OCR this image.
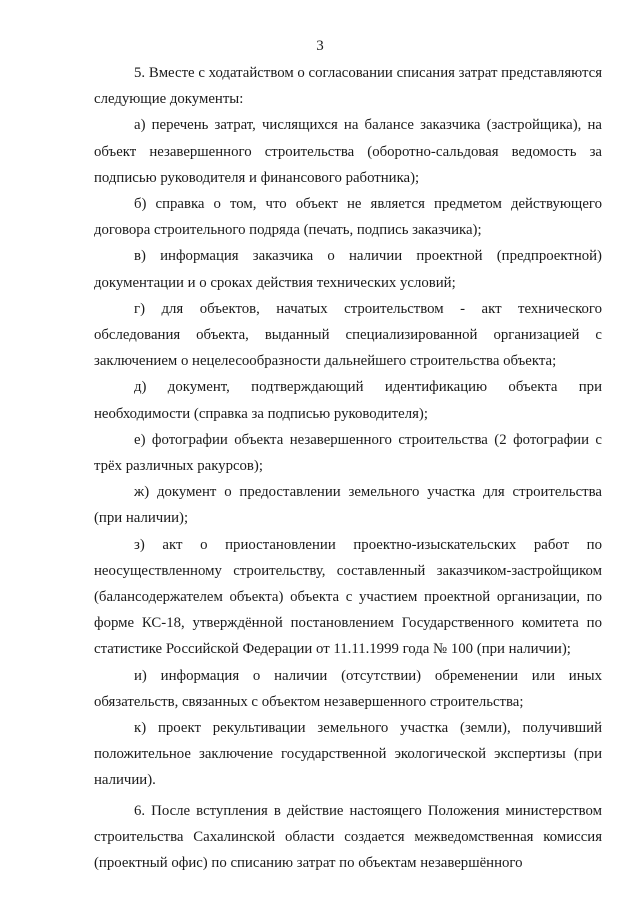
3

5. Вместе с ходатайством о согласовании списания затрат представляются следующие документы:

а) перечень затрат, числящихся на балансе заказчика (застройщика), на объект незавершенного строительства (оборотно-сальдовая ведомость за подписью руководителя и финансового работника);

б) справка о том, что объект не является предметом действующего договора строительного подряда (печать, подпись заказчика);

в) информация заказчика о наличии проектной (предпроектной) документации и о сроках действия технических условий;

г) для объектов, начатых строительством - акт технического обследования объекта, выданный специализированной организацией с заключением о нецелесообразности дальнейшего строительства объекта;

д) документ, подтверждающий идентификацию объекта при необходимости (справка за подписью руководителя);

е) фотографии объекта незавершенного строительства (2 фотографии с трёх различных ракурсов);

ж) документ о предоставлении земельного участка для строительства (при наличии);

з) акт о приостановлении проектно-изыскательских работ по неосуществленному строительству, составленный заказчиком-застройщиком (балансодержателем объекта) объекта с участием проектной организации, по форме КС-18, утверждённой постановлением Государственного комитета по статистике Российской Федерации от 11.11.1999 года № 100 (при наличии);

и) информация о наличии (отсутствии) обременении или иных обязательств, связанных с объектом незавершенного строительства;

к) проект рекультивации земельного участка (земли), получивший положительное заключение государственной экологической экспертизы (при наличии).

6. После вступления в действие настоящего Положения министерством строительства Сахалинской области создается межведомственная комиссия (проектный офис) по списанию затрат по объектам незавершённого
